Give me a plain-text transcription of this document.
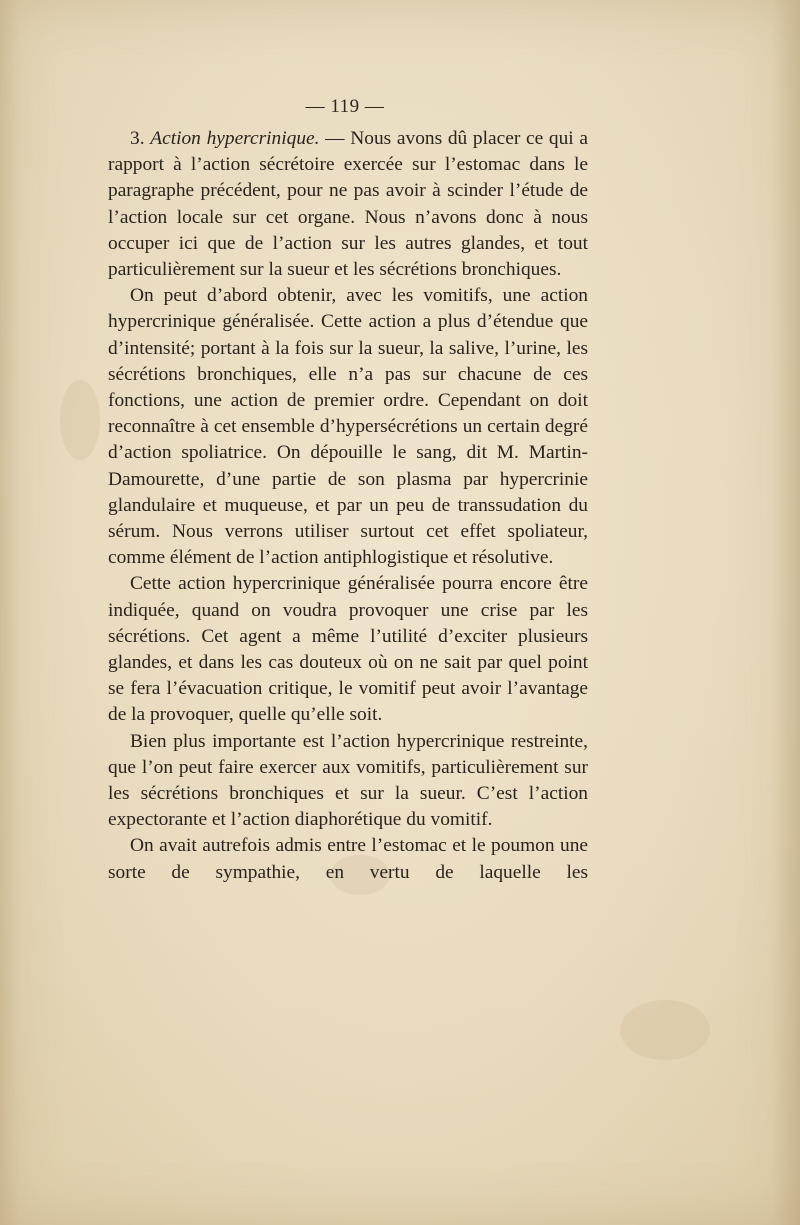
— 119 —

3. Action hypercrinique. — Nous avons dû placer ce qui a rapport à l’action sécrétoire exercée sur l’estomac dans le paragraphe précédent, pour ne pas avoir à scinder l’étude de l’action locale sur cet organe. Nous n’avons donc à nous occuper ici que de l’action sur les autres glandes, et tout particulièrement sur la sueur et les sécrétions bronchiques.

On peut d’abord obtenir, avec les vomitifs, une action hypercrinique généralisée. Cette action a plus d’étendue que d’intensité; portant à la fois sur la sueur, la salive, l’urine, les sécrétions bronchiques, elle n’a pas sur chacune de ces fonctions, une action de premier ordre. Cependant on doit reconnaître à cet ensemble d’hypersécrétions un certain degré d’action spoliatrice. On dépouille le sang, dit M. Martin-Damourette, d’une partie de son plasma par hypercrinie glandulaire et muqueuse, et par un peu de transsudation du sérum. Nous verrons utiliser surtout cet effet spoliateur, comme élément de l’action antiphlogistique et résolutive.

Cette action hypercrinique généralisée pourra encore être indiquée, quand on voudra provoquer une crise par les sécrétions. Cet agent a même l’utilité d’exciter plusieurs glandes, et dans les cas douteux où on ne sait par quel point se fera l’évacuation critique, le vomitif peut avoir l’avantage de la provoquer, quelle qu’elle soit.

Bien plus importante est l’action hypercrinique restreinte, que l’on peut faire exercer aux vomitifs, particulièrement sur les sécrétions bronchiques et sur la sueur. C’est l’action expectorante et l’action diaphorétique du vomitif.

On avait autrefois admis entre l’estomac et le poumon une sorte de sympathie, en vertu de laquelle les
